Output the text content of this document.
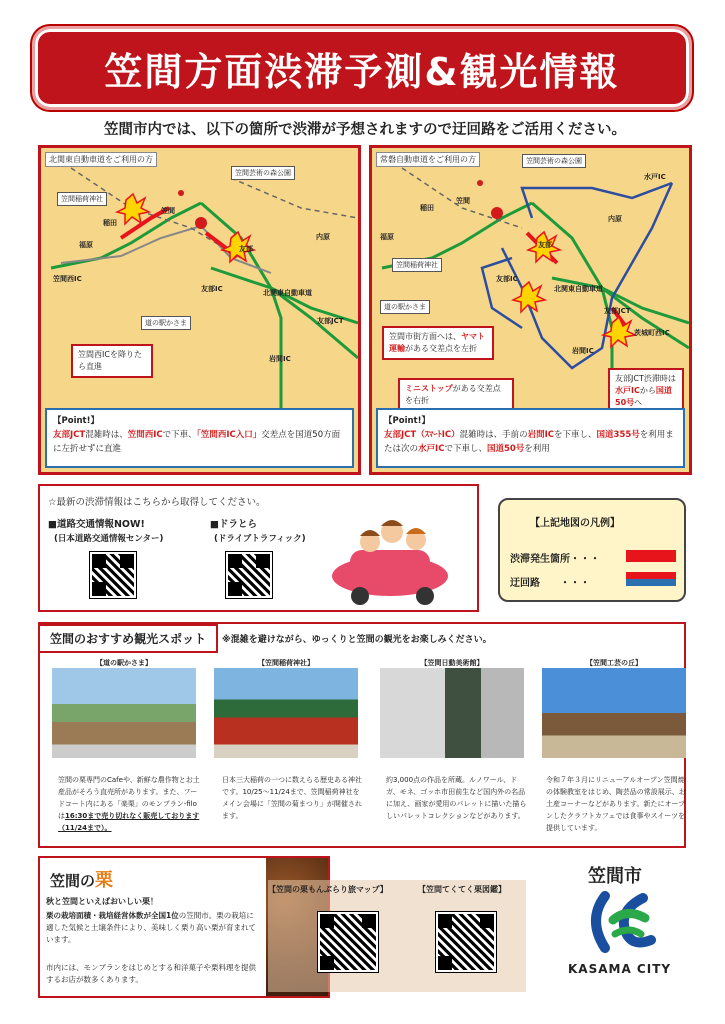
笠間方面渋滞予測&観光情報
笠間市内では、以下の箇所で渋滞が予想されますので迂回路をご活用ください。
北関東自動車道をご利用の方
笠間稲荷神社
笠間芸術の森公園
道の駅かさま
稲田
笠間
福原
笠間西IC
友部
友部IC	北関東自動車道
友部JCT
岩間IC
内原
笠間西ICを降りたら直進
【Point!】
友部JCT混雑時は、笠間西ICで下車、「笠間西IC入口」交差点を国道50方面に左折せずに直進
常磐自動車道をご利用の方	笠間芸術の森公園
笠間稲荷神社
道の駅かさま
稲田
笠間
福原
水戸IC
内原
友部
友部IC
北関東自動車道
友部JCT
茨城町西IC
岩間IC
笠間市街方面へは、ヤマト運輸がある交差点を左折
ミニストップがある交差点を右折
友部JCT渋滞時は水戸ICから国道50号へ
【Point!】
友部JCT（ｽﾏｰﾄIC）混雑時は、手前の岩間ICを下車し、国道355号を利用または次の水戸ICで下車し、国道50号を利用
☆最新の渋滞情報はこちらから取得してください。
■道路交通情報NOW!
(日本道路交通情報センター)
■ドラとら
(ドライブトラフィック)
【上記地図の凡例】
渋滞発生箇所・・・
迂回路　　・・・
笠間のおすすめ観光スポット	※混雑を避けながら、ゆっくりと笠間の観光をお楽しみください。
【道の駅かさま】	【笠間稲荷神社】	【笠間日動美術館】	【笠間工芸の丘】
笠間の栗専門のCafeや、新鮮な農作物とお土産品がそろう直売所があります。また、フードコート内にある「楽栗」のモンブラン-filoは16:30まで売り切れなく販売しております（11/24まで）。
日本三大稲荷の一つに数えらる歴史ある神社です。10/25～11/24まで、笠間稲荷神社をメイン会場に「笠間の菊まつり」が開催されます。
約3,000点の作品を所蔵。ルノワール、ドガ、モネ、ゴッホ市田前生など国内外の名品に加え、画家が愛用のパレットに描いた描らしいパレットコレクションなどがあります。
令和７年３月にリニューアルオープン笠間焼の体験教室をはじめ、陶芸品の常設展示、お土産コーナーなどがあります。新たにオープンしたクラフトカフェでは食事やスイーツを提供しています。
笠間の栗
秋と笠間といえばおいしい栗！
栗の栽培面積・栽培経営体数が全国1位の笠間市。栗の栽培に適した気候と土壌条件により、美味しく栗り高い栗が育まれています。
市内には、モンブランをはじめとする和洋菓子や栗料理を提供するお店が数多くあります。
【笠間の栗もんぶらり旅マップ】	【笠間てくてく栗図鑑】
笠間市
KASAMA CITY
